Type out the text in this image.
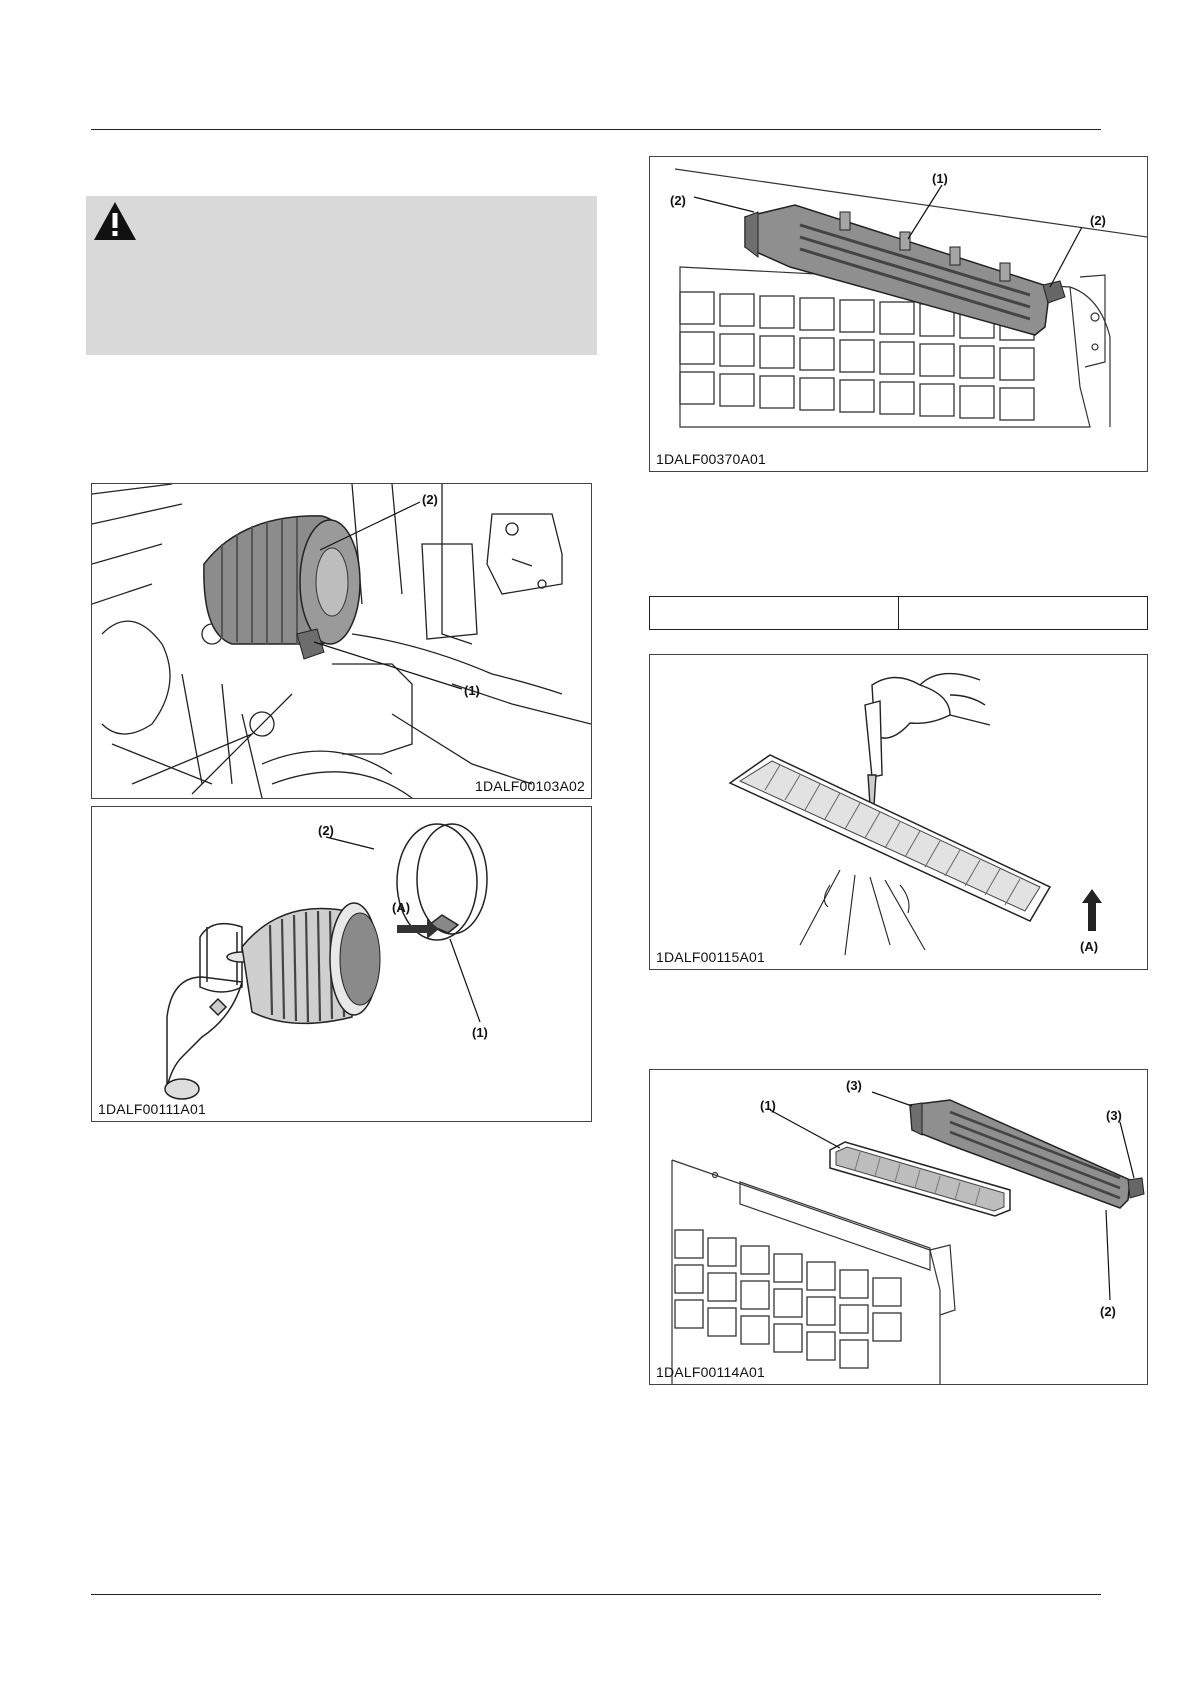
(2)
(1)
1DALF00103A02
(2)
(A)
(1)
1DALF00111A01
(1)
(2)
(2)
1DALF00370A01
(A)
1DALF00115A01
(1)
(3)
(3)
(2)
1DALF00114A01
